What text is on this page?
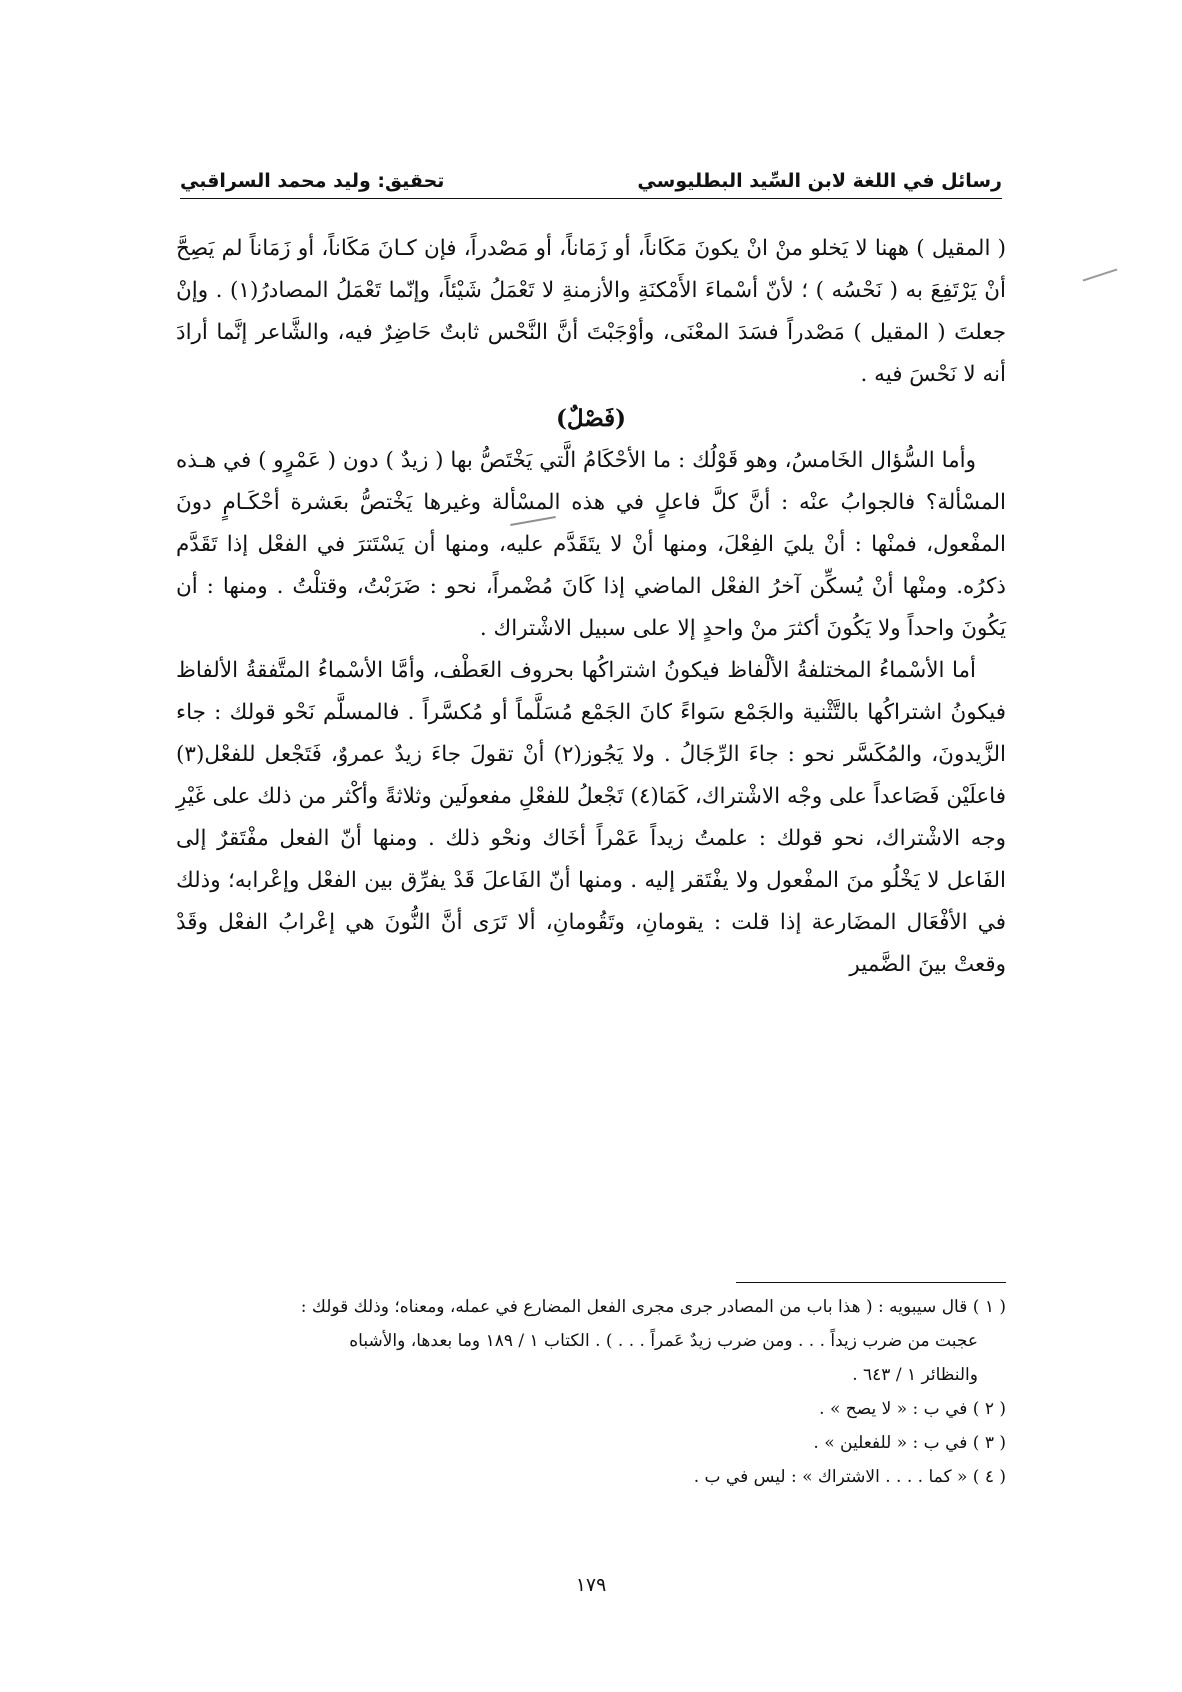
رسائل في اللغة لابن السِّيد البطليوسي
تحقيق: وليد محمد السراقبي

( المقيل ) ههنا لا يَخلو منْ انْ يكونَ مَكَاناً، أو زَمَاناً، أو مَصْدراً، فإن كـانَ مَكَاناً، أو زَمَاناً لم يَصِحَّ أنْ يَرْتَفِعَ به ( نَحْسُه ) ؛ لأنّ أسْماءَ الأَمْكنَةِ والأزمنةِ لا تَعْمَلُ شَيْئاً، وإنّما تَعْمَلُ المصادرُ(١) . وإنْ جعلتَ ( المقيل ) مَصْدراً فسَدَ المعْنَى، وأوْجَبْتَ أنَّ النَّحْس ثابتٌ حَاضِرٌ فيه، والشَّاعر إنَّما أرادَ أنه لا نَحْسَ فيه .

(فَصْلٌ)

وأما السُّؤال الخَامسُ، وهو قَوْلُك : ما الأحْكَامُ الَّتي يَخْتَصُّ بها ( زيدٌ ) دون ( عَمْرٍو ) في هـذه المسْألة؟ فالجوابُ عنْه : أنَّ كلَّ فاعلٍ في هذه المسْألة وغيرها يَخْتصُّ بعَشرة أحْكَـامٍ دونَ المفْعول، فمنْها : أنْ يليَ الفِعْلَ، ومنها أنْ لا يتَقَدَّم عليه، ومنها أن يَسْتَترَ في الفعْل إذا تَقَدَّم ذكرُه. ومنْها أنْ يُسكِّن آخرُ الفعْل الماضي إذا كَانَ مُضْمراً، نحو : ضَرَبْتُ، وقتلْتُ . ومنها : أن يَكُونَ واحداً ولا يَكُونَ أكثرَ منْ واحدٍ إلا على سبيل الاشْتراك .

أما الأسْماءُ المختلفةُ الألْفاظ فيكونُ اشتراكُها بحروف العَطْف، وأمَّا الأسْماءُ المتَّفقةُ الألفاظ فيكونُ اشتراكُها بالتَّثْنية والجَمْع سَواءً كانَ الجَمْع مُسَلَّماً أو مُكسَّراً . فالمسلَّم نَحْو قولك : جاء الزَّيدونَ، والمُكَسَّر نحو : جاءَ الرِّجَالُ . ولا يَجُوز(٢) أنْ تقولَ جاءَ زيدٌ عمروٌ، فَتَجْعل للفعْل(٣) فاعلَيْن فَصَاعداً على وجْه الاشْتراك، كَمَا(٤) تَجْعلُ للفعْلِ مفعولَين وثلاثةً وأكْثر من ذلك على غَيْرِ وجه الاشْتراك، نحو قولك : علمتُ زيداً عَمْراً أخَاك ونحْو ذلك . ومنها أنّ الفعل مفْتَقرٌ إلى الفَاعل لا يَخْلُو منَ المفْعول ولا يفْتَقر إليه . ومنها أنّ الفَاعلَ قَدْ يفرِّق بين الفعْل وإعْرابه؛ وذلك في الأفْعَال المضَارعة إذا قلت : يقومانِ، وتَقُومانِ، ألا تَرَى أنَّ النُّونَ هي إعْرابُ الفعْل وقَدْ وقعتْ بينَ الضَّمير

( ١ ) قال سيبويه : ( هذا باب من المصادر جرى مجرى الفعل المضارع في عمله، ومعناه؛ وذلك قولك :

عجبت من ضرب زيداً . . . ومن ضرب زيدٌ عَمراً . . . ) . الكتاب ١ / ١٨٩ وما بعدها، والأشباه

والنظائر ١ / ٦٤٣ .

( ٢ ) في ب : « لا يصح » .

( ٣ ) في ب : « للفعلين » .

( ٤ ) « كما . . . . الاشتراك » : ليس في ب .

١٧٩
